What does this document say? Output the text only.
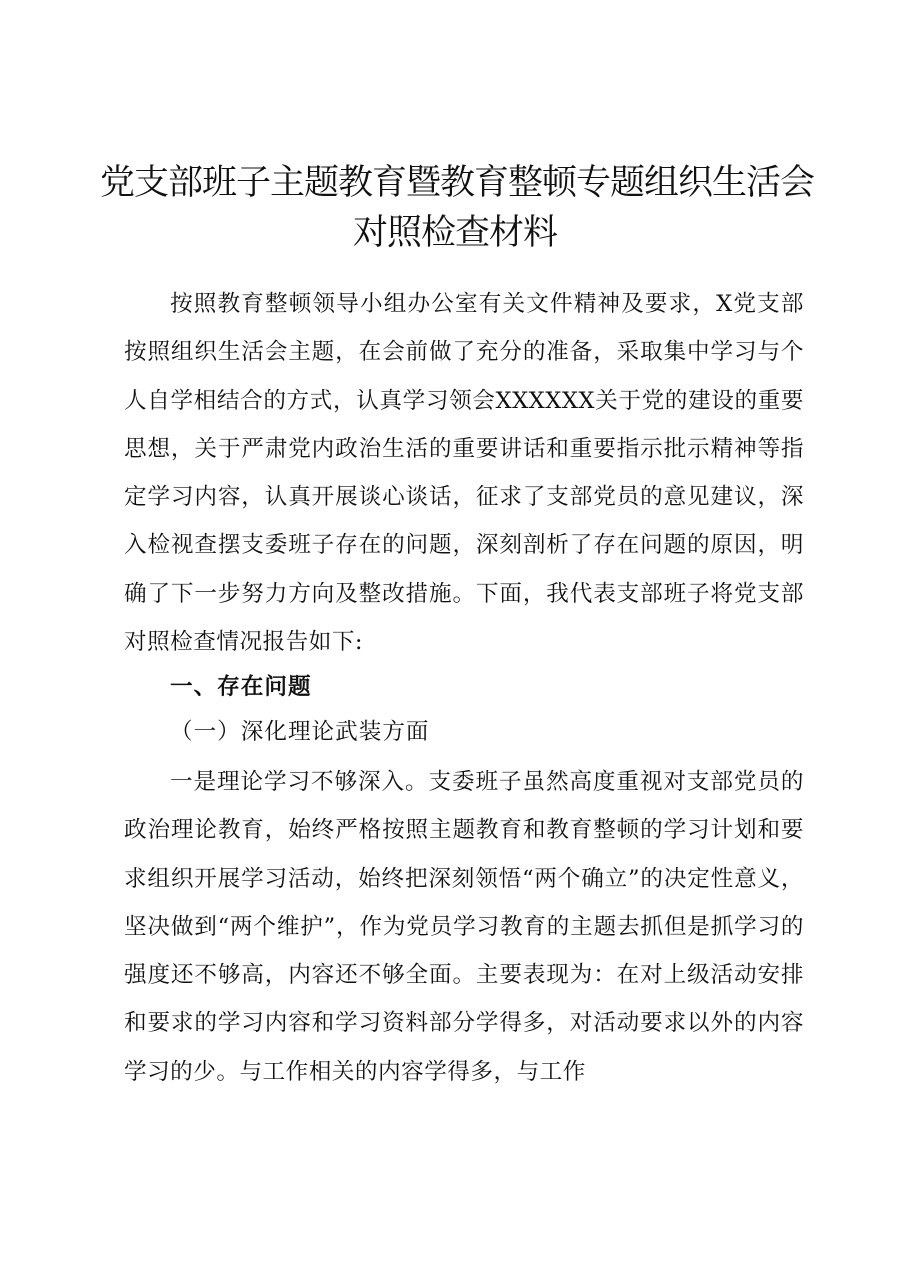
党支部班子主题教育暨教育整顿专题组织生活会
对照检查材料

按照教育整顿领导小组办公室有关文件精神及要求，X党支部按照组织生活会主题，在会前做了充分的准备，采取集中学习与个人自学相结合的方式，认真学习领会XXXXXX关于党的建设的重要思想，关于严肃党内政治生活的重要讲话和重要指示批示精神等指定学习内容，认真开展谈心谈话，征求了支部党员的意见建议，深入检视查摆支委班子存在的问题，深刻剖析了存在问题的原因，明确了下一步努力方向及整改措施。下面，我代表支部班子将党支部对照检查情况报告如下:

一、存在问题
（一）深化理论武装方面

一是理论学习不够深入。支委班子虽然高度重视对支部党员的政治理论教育，始终严格按照主题教育和教育整顿的学习计划和要求组织开展学习活动，始终把深刻领悟“两个确立”的决定性意义，坚决做到“两个维护”，作为党员学习教育的主题去抓但是抓学习的强度还不够高，内容还不够全面。主要表现为：在对上级活动安排和要求的学习内容和学习资料部分学得多，对活动要求以外的内容学习的少。与工作相关的内容学得多，与工作
